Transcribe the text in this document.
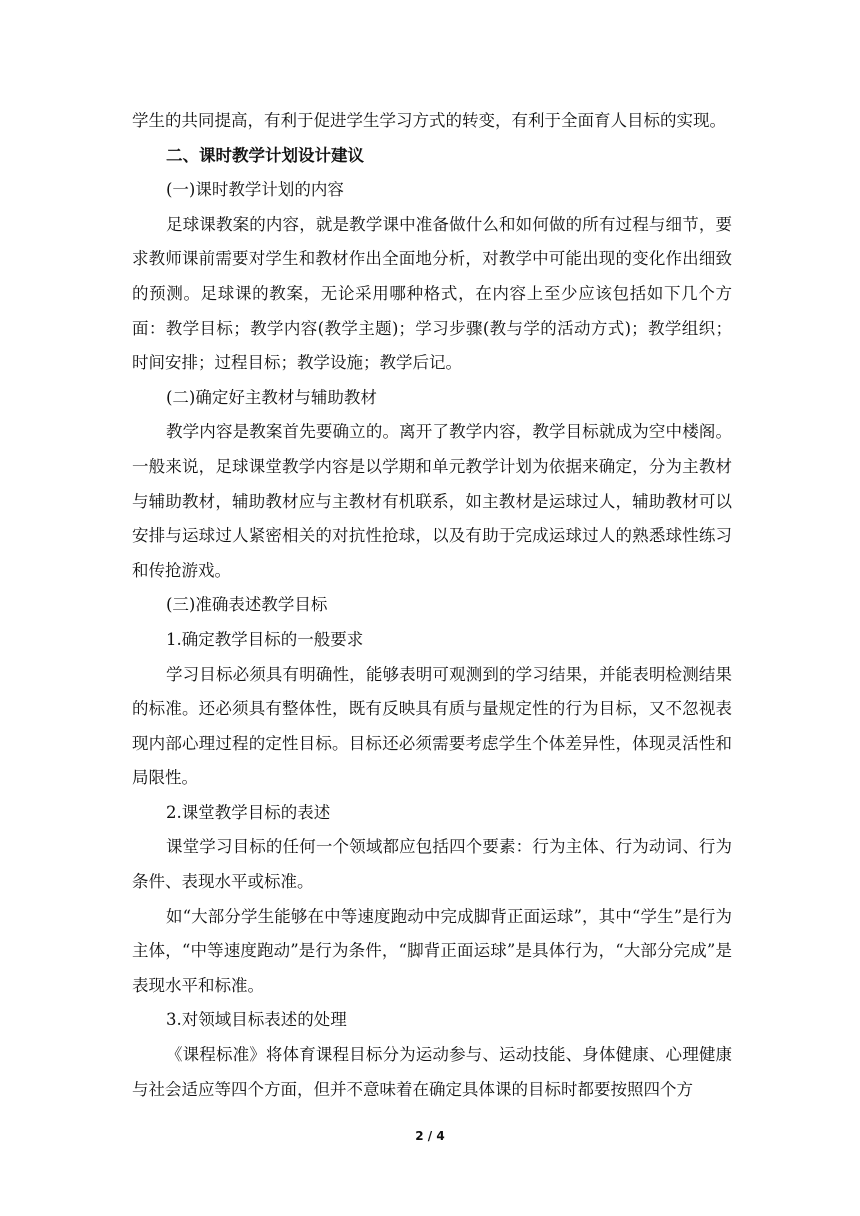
学生的共同提高，有利于促进学生学习方式的转变，有利于全面育人目标的实现。

二、课时教学计划设计建议

(一)课时教学计划的内容

足球课教案的内容，就是教学课中准备做什么和如何做的所有过程与细节，要求教师课前需要对学生和教材作出全面地分析，对教学中可能出现的变化作出细致的预测。足球课的教案，无论采用哪种格式，在内容上至少应该包括如下几个方面：教学目标；教学内容(教学主题)；学习步骤(教与学的活动方式)；教学组织；时间安排；过程目标；教学设施；教学后记。

(二)确定好主教材与辅助教材

教学内容是教案首先要确立的。离开了教学内容，教学目标就成为空中楼阁。一般来说，足球课堂教学内容是以学期和单元教学计划为依据来确定，分为主教材与辅助教材，辅助教材应与主教材有机联系，如主教材是运球过人，辅助教材可以安排与运球过人紧密相关的对抗性抢球，以及有助于完成运球过人的熟悉球性练习和传抢游戏。

(三)准确表述教学目标

1.确定教学目标的一般要求

学习目标必须具有明确性，能够表明可观测到的学习结果，并能表明检测结果的标准。还必须具有整体性，既有反映具有质与量规定性的行为目标，又不忽视表现内部心理过程的定性目标。目标还必须需要考虑学生个体差异性，体现灵活性和局限性。

2.课堂教学目标的表述

课堂学习目标的任何一个领域都应包括四个要素：行为主体、行为动词、行为条件、表现水平或标准。

如“大部分学生能够在中等速度跑动中完成脚背正面运球”，其中“学生”是行为主体，“中等速度跑动”是行为条件，“脚背正面运球”是具体行为，“大部分完成”是表现水平和标准。

3.对领域目标表述的处理

《课程标准》将体育课程目标分为运动参与、运动技能、身体健康、心理健康与社会适应等四个方面，但并不意味着在确定具体课的目标时都要按照四个方

2 / 4
